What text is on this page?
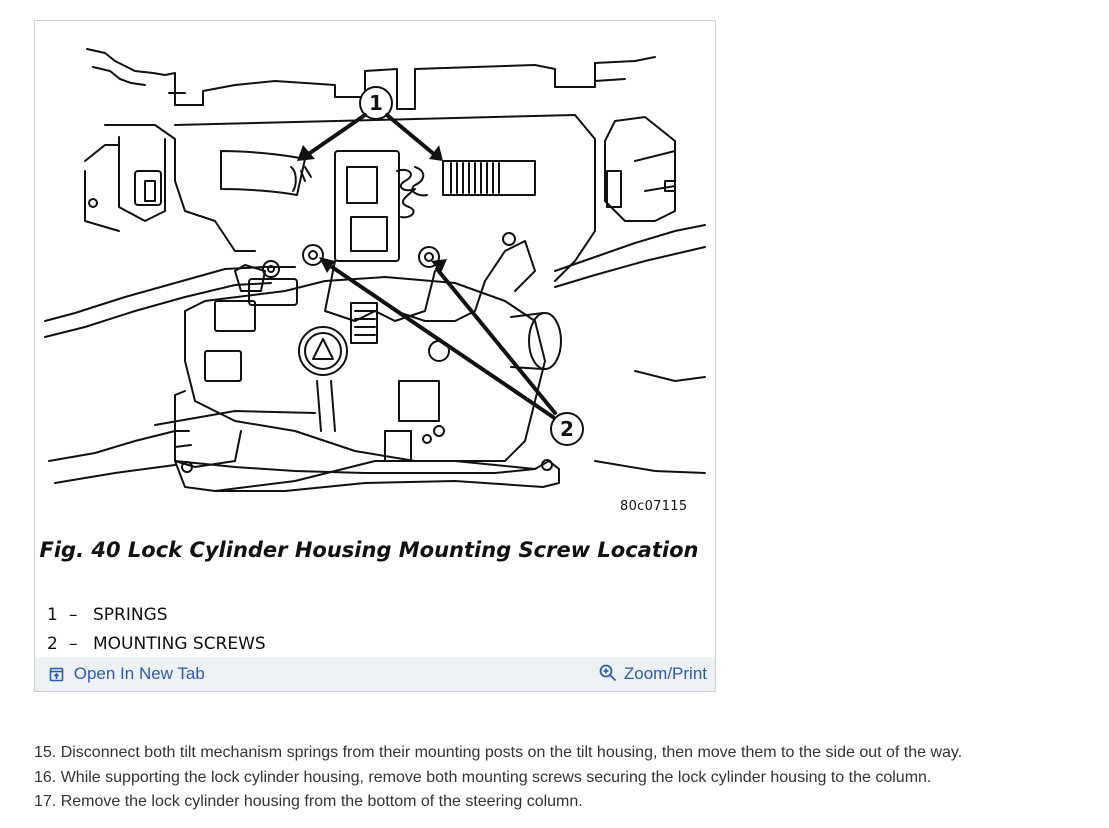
1
2
80c07115
Fig. 40 Lock Cylinder Housing Mounting Screw Location
1 – SPRINGS
2 – MOUNTING SCREWS
Open In New Tab	Zoom/Print
15. Disconnect both tilt mechanism springs from their mounting posts on the tilt housing, then move them to the side out of the way.
16. While supporting the lock cylinder housing, remove both mounting screws securing the lock cylinder housing to the column.
17. Remove the lock cylinder housing from the bottom of the steering column.
